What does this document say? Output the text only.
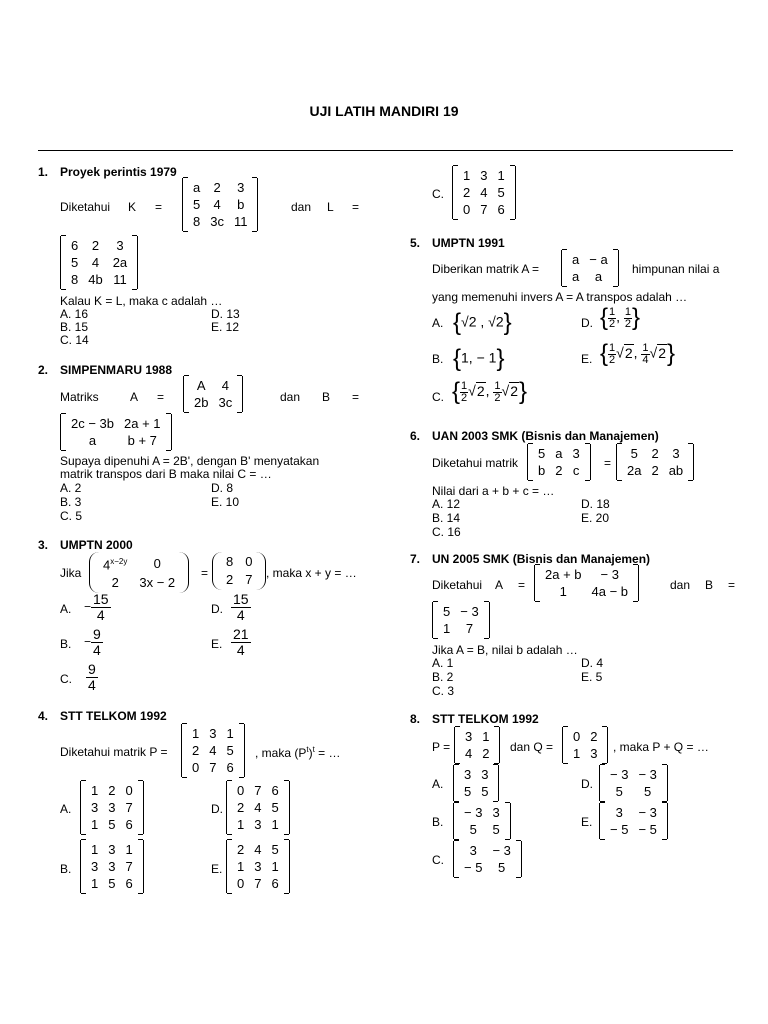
UJI LATIH MANDIRI 19
1. Proyek perintis 1979
Diketahui K =
a	2	3
5	4	b
8	3c	11
dan L =
6	2	3
5	4	2a
8	4b	11
Kalau K = L, maka c adalah …
A. 16
B. 15
C. 14
D. 13
E. 12
2. SIMPENMARU 1988
Matriks	A =
A	4
2b	3c	dan B =
2c − 3b	2a + 1
a	b + 7
Supaya dipenuhi A = 2B', dengan B' menyatakan
matrik transpos dari B maka nilai C = …
A. 2
B. 3
C. 5
D. 8
E. 10
3. UMPTN 2000
Jika
$4^{x-2y}$	0
2	3x − 2
=
8	0
2	7 , maka x + y = …
A. − $\frac{15}{4}$
B. − $\frac{9}{4}$
C. $\frac{9}{4}$
D. $\frac{15}{4}$
E. $\frac{21}{4}$
4. STT TELKOM 1992
Diketahui matrik P =
1	3	1
2	4	5
0	7	6
, maka $(P^t)^t$ = …
A.
1	2	0
3	3	7
1	5	6
B.
1	3	1
3	3	7
1	5	6
D.
0	7	6
2	4	5
1	3	1
E.
2	4	5
1	3	1
0	7	6
C.
1	3	1
2	4	5
0	7	6
5. UMPTN 1991
Diberikan matrik A =
a	− a
a	a himpunan nilai a
yang memenuhi invers A = A transpos adalah …
A. {√2 , √2}
B. {1, − 1}
C. { $\frac{1}{2} √2$, $\frac{1}{2} √2$}
D. { $\frac{1}{2}$ , $\frac{1}{2}$ }
E. { $\frac{1}{2} √2$, $\frac{1}{4} √2$}
6. UAN 2003 SMK (Bisnis dan Manajemen)
Diketahui matrik
5	a	3
b	2	c =
5	2	3
2a	2	ab
Nilai dari a + b + c = …
A. 12
B. 14
C. 16
D. 18
E. 20
7. UN 2005 SMK (Bisnis dan Manajemen)
Diketahui A =
2a + b	− 3
1	4a − b	dan B =
5	− 3
1	7
Jika A = B, nilai b adalah …
A. 1
B. 2
C. 3
D. 4
E. 5
8. STT TELKOM 1992
P =
3	1
4	2 dan Q =
0	2
1	3 , maka P + Q = …
A.
3	3
5	5
B.
− 3	3
5	5
C.
3	− 3
− 5	5
D.
− 3	− 3
5	5
E.
3	− 3
− 5	− 5
